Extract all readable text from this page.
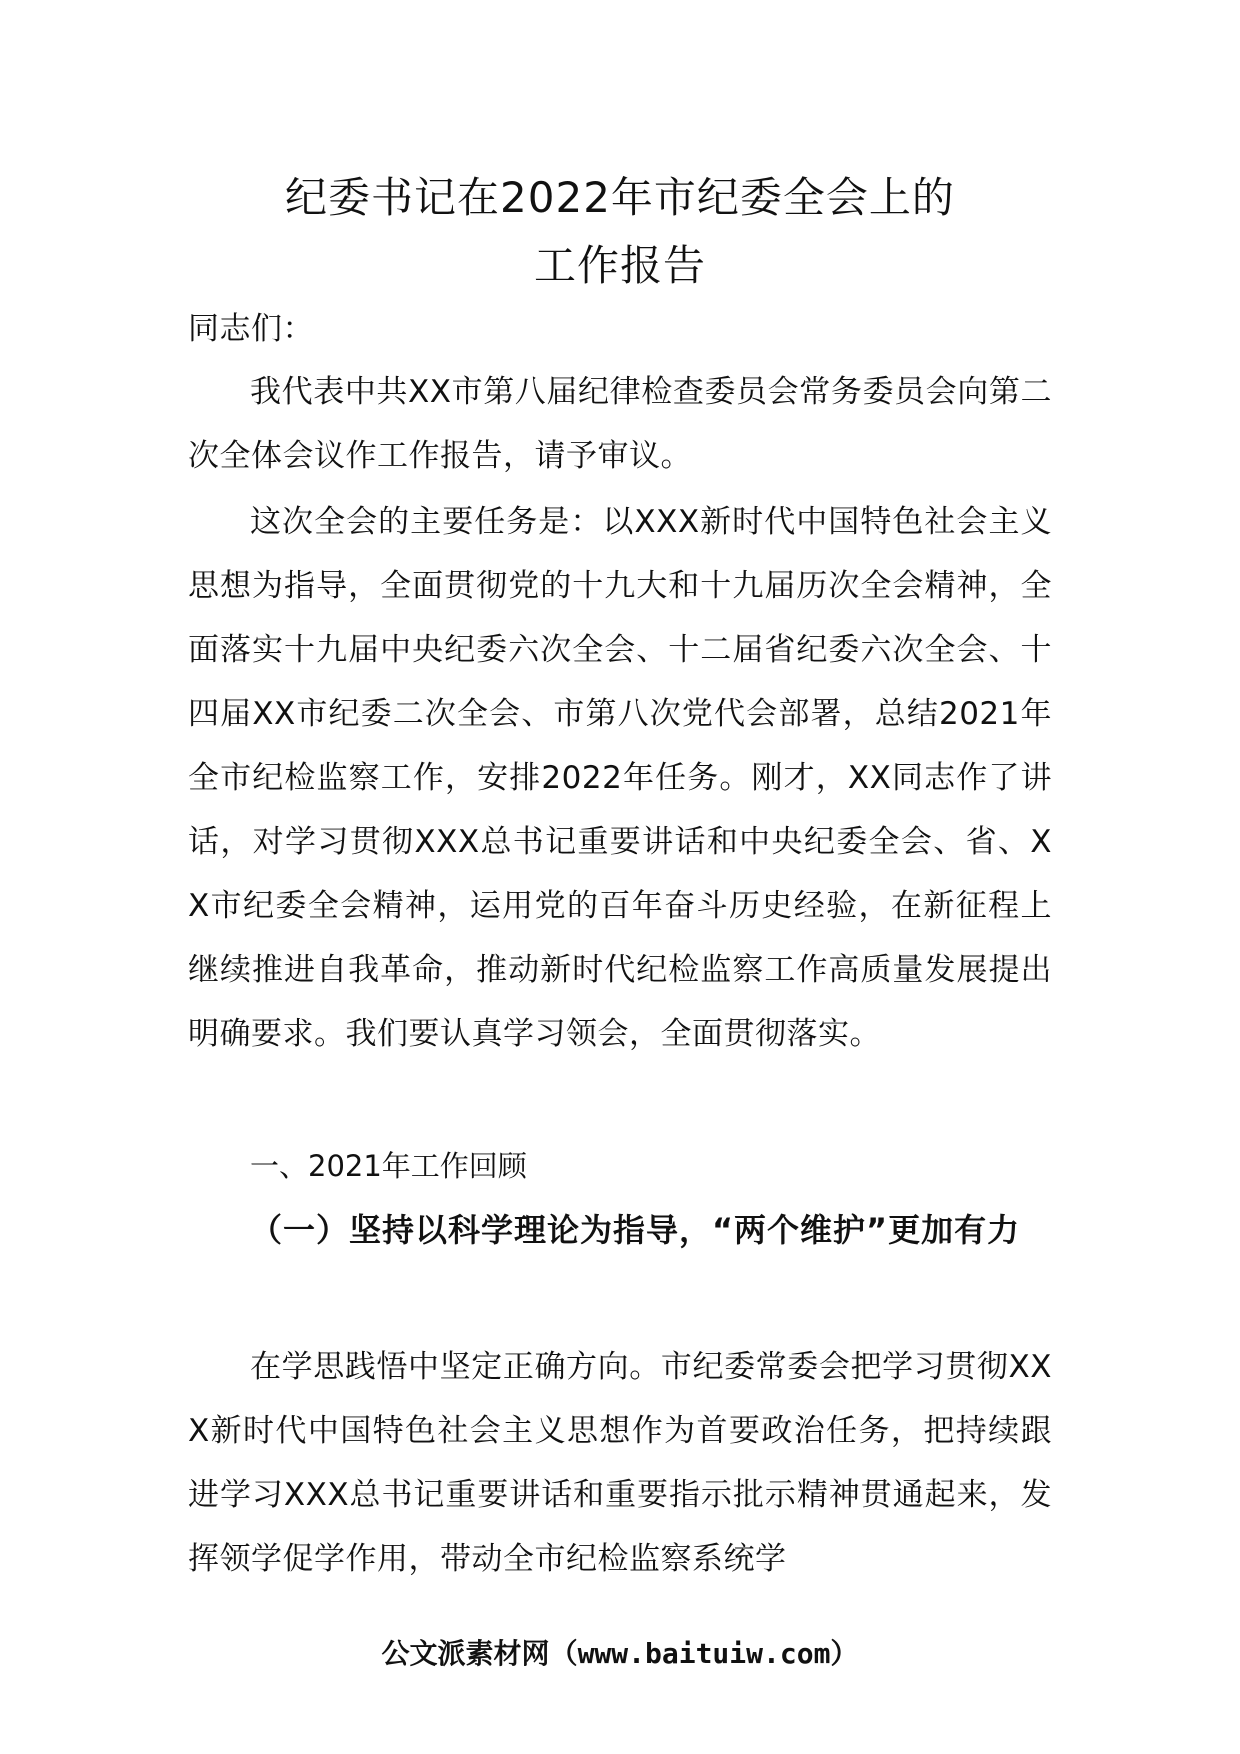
纪委书记在2022年市纪委全会上的
工作报告
同志们：
我代表中共XX市第八届纪律检查委员会常务委员会向第二次全体会议作工作报告，请予审议。
这次全会的主要任务是：以XXX新时代中国特色社会主义思想为指导，全面贯彻党的十九大和十九届历次全会精神，全面落实十九届中央纪委六次全会、十二届省纪委六次全会、十四届XX市纪委二次全会、市第八次党代会部署，总结2021年全市纪检监察工作，安排2022年任务。刚才，XX同志作了讲话，对学习贯彻XXX总书记重要讲话和中央纪委全会、省、XX市纪委全会精神，运用党的百年奋斗历史经验，在新征程上继续推进自我革命，推动新时代纪检监察工作高质量发展提出明确要求。我们要认真学习领会，全面贯彻落实。
一、2021年工作回顾
（一）坚持以科学理论为指导，“两个维护”更加有力
在学思践悟中坚定正确方向。市纪委常委会把学习贯彻XXX新时代中国特色社会主义思想作为首要政治任务，把持续跟进学习XXX总书记重要讲话和重要指示批示精神贯通起来，发挥领学促学作用，带动全市纪检监察系统学
公文派素材网（www.baituiw.com）
